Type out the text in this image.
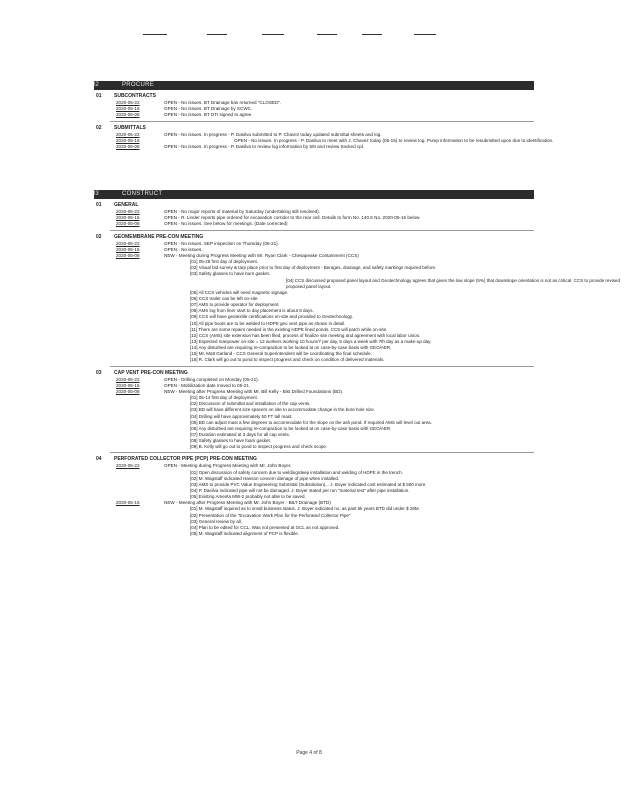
02	PROCURE
01	SUBCONTRACTS
2020-05-22	OPEN - No issues. BT Drainage has returned "CLOSED".
2020-05-15	OPEN - No issues. BT Drainage by SCWC.
2020-05-08	OPEN - No issues. BT DTI signed to agree.
02	SUBMITTALS
2020-05-22	OPEN - No issues. In progress - P. Dasilva submitted to P. Chavez today updated submittal sheets and log.
2020-05-15	OPEN - No issues. In progress - P. Dasilva to meet with J. Chavez today (05-15) to review log. Pump information to be resubmitted upon due to identification.
2020-05-08	OPEN - No issues. In progress - P. Dasilva to review log information by 5/8 and review tracked cpl.
03	CONSTRUCT
01	GENERAL
2020-05-22	OPEN - No major reports of material by Saturday (undertaking still resolved).
2020-05-15	OPEN - R. Linder reports pipe ordered for excavation corridor to the rear cell. Details to form No. 140.5 No. 2020-05-15 below.
2020-05-08	OPEN - No issues. See below for meetings. (Date corrected)
02	GEOMEMBRANE PRE-CON MEETING
2020-05-22	OPEN - No issues. SEP inspection on Thursday (05-21).
2020-05-15	OPEN - No issues.
2020-05-08	NEW - Meeting during Progress Meeting with Mr. Ryan Clark - Chesapeake Containment (CCS)
[01] 05-28 first day of deployment.
[02] Visual bid survey & tarp place prior to first day of deployment - Berages, drainage, and safety markings required before.
[03] Safety glasses to have burn gasket.
[04] CCS discussed proposed panel layout and Geotechnology agrees that given the low slope (5%) that downslope orientation is not as critical. CCS to provide revised proposed panel layout.
[05] All CCS vehicles will need magnetic signage.
[06] CCS trailer can be left on-site.
[07] AMS to provide operator for deployment.
[08] AMS log from liner start to day placement is about 8 days.
[09] CCS will have geotextile certifications on-site and provided to Geotechnology.
[10] All pipe boots are to be welded to HDPE geo vent pipe as shown in detail.
[11] There are some repairs needed in the existing HDPE lined ponds. CCS will patch while on-site.
[12] CCS (AMS) site extension has been filed, process of finalize site meeting and agreement with local labor union.
[13] Expected manpower on-site = 12 workers working 10 hours/7 per day, 5 days a week with 7th day as a make-up day.
[14] Any disturbed are requiring re-compaction to be looked at on case-by-case basis with GEO/AER.
[15] Mr. Matt Garland - CCS General Superintendent will be coordinating the final schedule.
[16] R. Clark will go out to pond to inspect progress and check on condition of delivered materials.
03	CAP VENT PRE-CON MEETING
2020-05-22	OPEN - Drilling completed on Monday (05-21).
2020-05-15	OPEN - Mobilization date moved to 05-21.
2020-05-08	NEW - Meeting after Progress Meeting with Mr. Bill Kelly - Bist Drilled Foundations (BD).
[01] 05-14 first day of deployment.
[02] Discussion of submittal and installation of the cap vents.
[03] BD will have different size spacers on site to accommodate change in the bore hole size.
[04] Drilling will have approximately 50 FT tall mast.
[05] BD can adjust mast a few degrees to accommodate for the slope on the ash pond. If required AMS will level out area.
[06] Any disturbed are requiring re-compaction to be looked at on case-by-case basis with GEO/AER.
[07] Duration estimated at 3 days for all cap vents.
[08] Safety glasses to have foam gasket.
[09] B. Kelly will go out to pond to inspect progress and check scope.
04	PERFORATED COLLECTOR PIPE (PCP) PRE-CON MEETING
2020-05-22	OPEN - Meeting during Progress Meeting with Mr. John Boyer.
[01] Open discussion of safety concern due to welding/deep installation and welding of HDPE in the trench.
[02] M. Wagstaff indicated Hanson concern damage of pipe when installed.
[03] AMS to provide PVC Value Engineering Submittal (Substitution)... J. Boyer indicated cost estimated at $ 500 more.
[04] P. Dasilva indicated pipe will not be damaged. J. Boyer stated per run "material test" after pipe installation.
[05] Existing Amenta MW-2 probably not able to be saved.
2020-05-15	NEW - Meeting after Progress Meeting with Mr. John Boyer - B&T Drainage (BTD)
[01] M. Wagstaff inquired as to small business status. J. Boyer indicated no, as past 5k years BTD did under $ 28M.
[02] Presentation of the "Excavation Work Plan for the Perforated Collector Pipe"
[03] General review by all.
[04] Plan to be edited for CCL. Was not presented at GCL as not approved.
[05] M. Wagstaff indicated alignment of PCP is flexible.
Page 4 of 8
